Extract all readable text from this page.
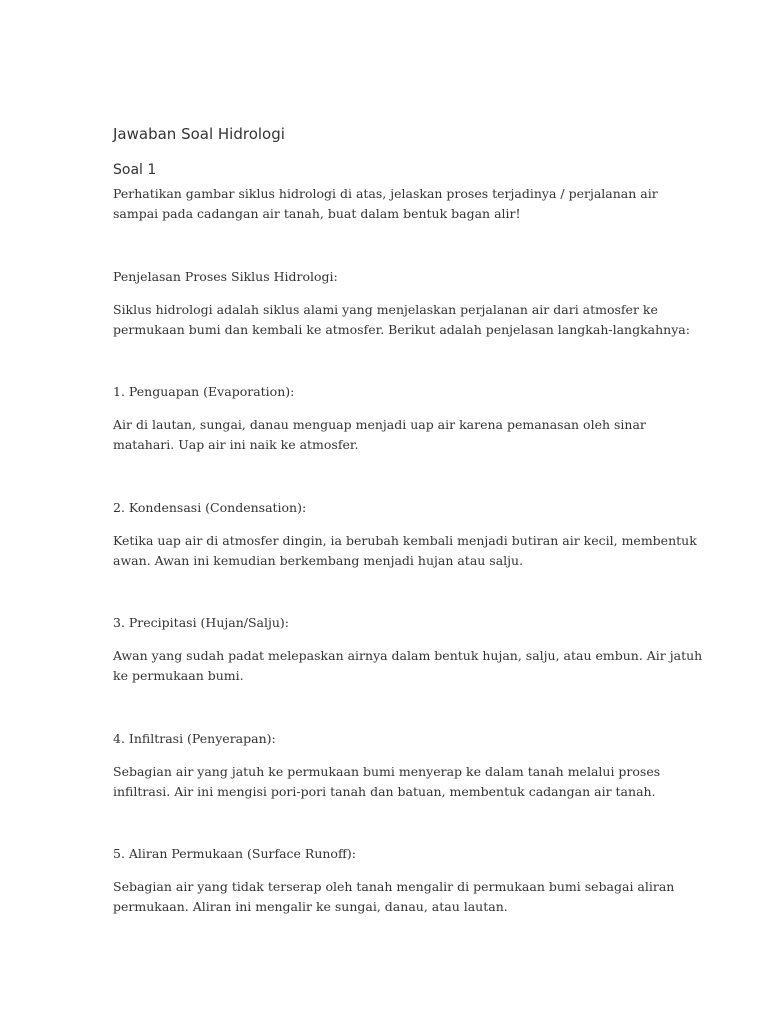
Jawaban Soal Hidrologi
Soal 1

Perhatikan gambar siklus hidrologi di atas, jelaskan proses terjadinya / perjalanan air
sampai pada cadangan air tanah, buat dalam bentuk bagan alir!

Penjelasan Proses Siklus Hidrologi:

Siklus hidrologi adalah siklus alami yang menjelaskan perjalanan air dari atmosfer ke
permukaan bumi dan kembali ke atmosfer. Berikut adalah penjelasan langkah-langkahnya:

1. Penguapan (Evaporation):

Air di lautan, sungai, danau menguap menjadi uap air karena pemanasan oleh sinar
matahari. Uap air ini naik ke atmosfer.

2. Kondensasi (Condensation):

Ketika uap air di atmosfer dingin, ia berubah kembali menjadi butiran air kecil, membentuk
awan. Awan ini kemudian berkembang menjadi hujan atau salju.

3. Precipitasi (Hujan/Salju):

Awan yang sudah padat melepaskan airnya dalam bentuk hujan, salju, atau embun. Air jatuh
ke permukaan bumi.

4. Infiltrasi (Penyerapan):

Sebagian air yang jatuh ke permukaan bumi menyerap ke dalam tanah melalui proses
infiltrasi. Air ini mengisi pori-pori tanah dan batuan, membentuk cadangan air tanah.

5. Aliran Permukaan (Surface Runoff):

Sebagian air yang tidak terserap oleh tanah mengalir di permukaan bumi sebagai aliran
permukaan. Aliran ini mengalir ke sungai, danau, atau lautan.
